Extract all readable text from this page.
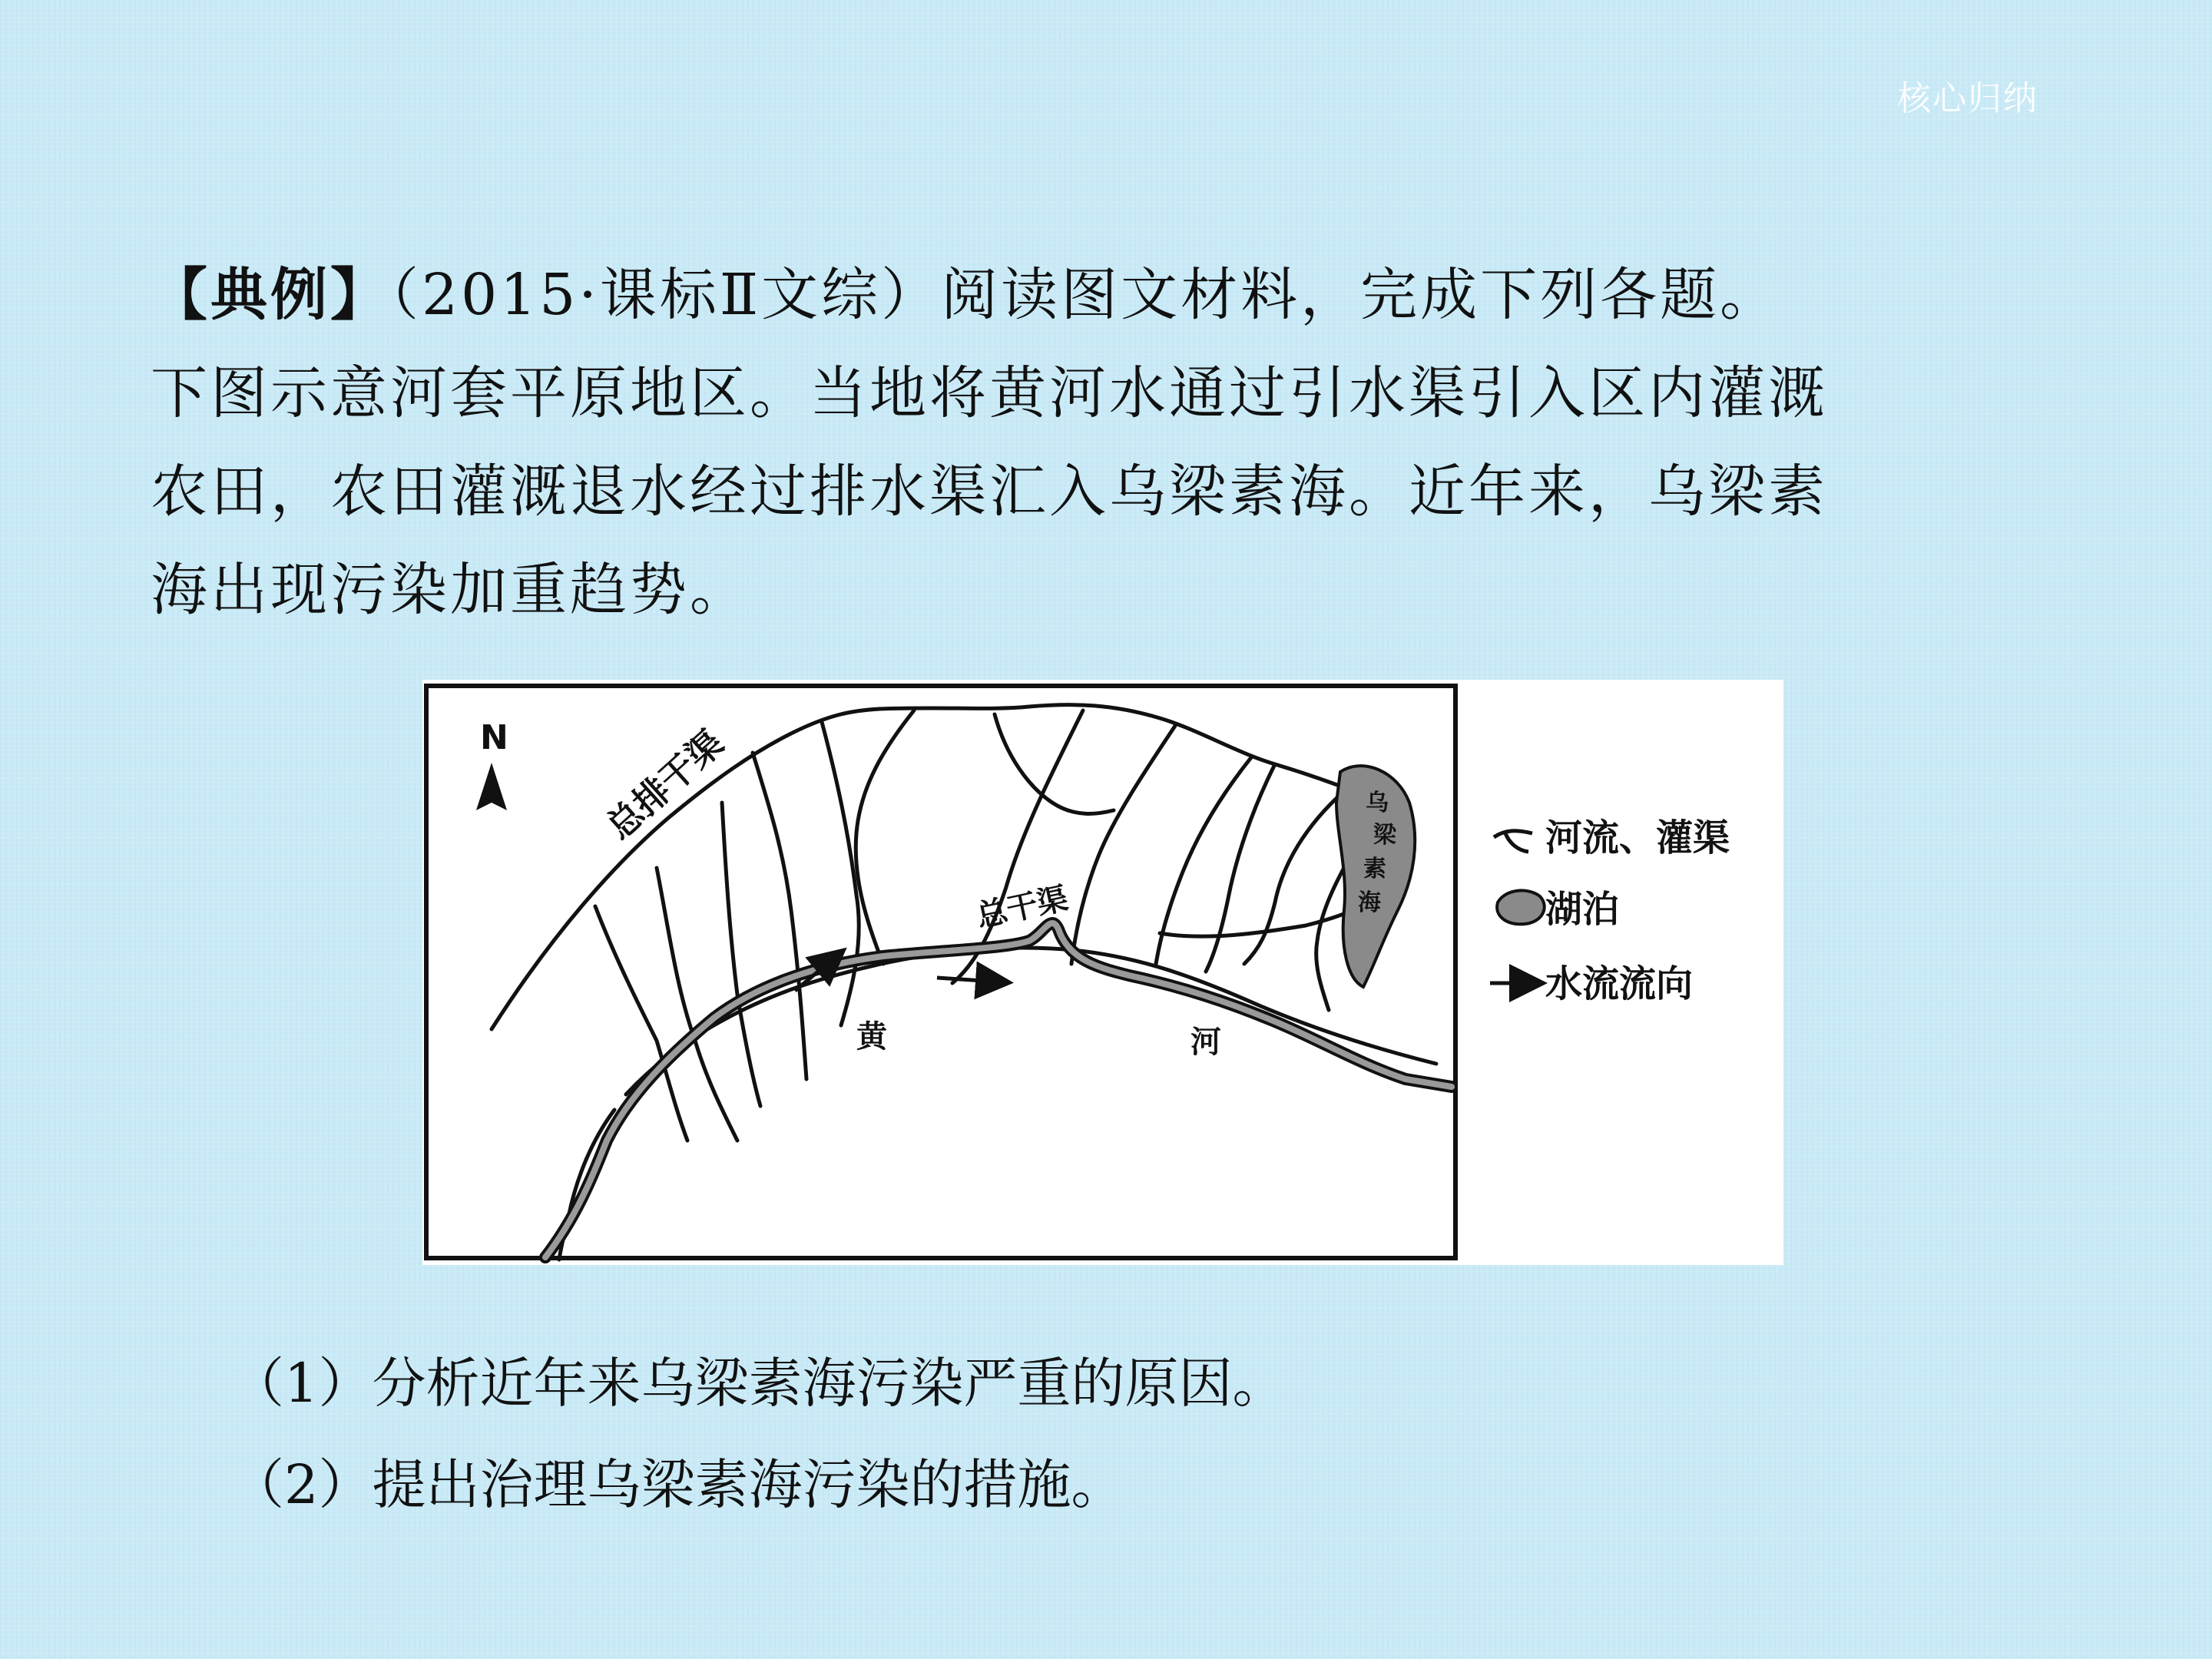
核心归纳
【典例】（2015·课标Ⅱ文综）阅读图文材料，完成下列各题。
下图示意河套平原地区。当地将黄河水通过引水渠引入区内灌溉
农田，农田灌溉退水经过排水渠汇入乌梁素海。近年来，乌梁素
海出现污染加重趋势。
N	总排干渠
总干渠
黄	河
乌
梁
素
海
河流、灌渠
湖泊
水流流向
（1）分析近年来乌梁素海污染严重的原因。
（2）提出治理乌梁素海污染的措施。
